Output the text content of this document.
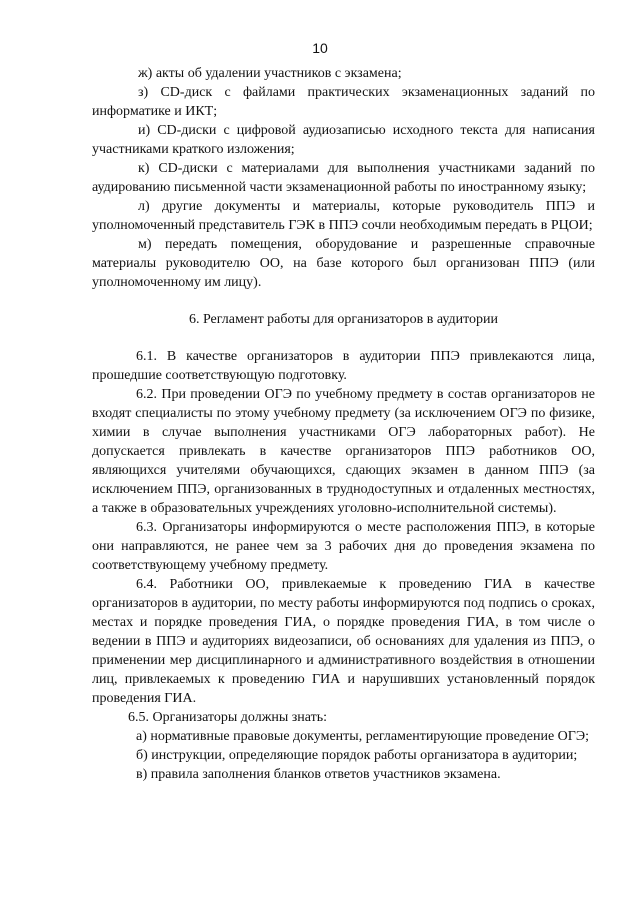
10

ж) акты об удалении участников с экзамена;

з) CD-диск с файлами практических экзаменационных заданий по информатике и ИКТ;

и) CD-диски с цифровой аудиозаписью исходного текста для написания участниками краткого изложения;

к) CD-диски с материалами для выполнения участниками заданий по аудированию письменной части экзаменационной работы по иностранному языку;

л) другие документы и материалы, которые руководитель ППЭ и уполномоченный представитель ГЭК в ППЭ сочли необходимым передать в РЦОИ;

м) передать помещения, оборудование и разрешенные справочные материалы руководителю ОО, на базе которого был организован ППЭ (или уполномоченному им лицу).

6. Регламент работы для организаторов в аудитории

6.1. В качестве организаторов в аудитории ППЭ привлекаются лица, прошедшие соответствующую подготовку.

6.2. При проведении ОГЭ по учебному предмету в состав организаторов не входят специалисты по этому учебному предмету (за исключением ОГЭ по физике, химии в случае выполнения участниками ОГЭ лабораторных работ). Не допускается привлекать в качестве организаторов ППЭ работников ОО, являющихся учителями обучающихся, сдающих экзамен в данном ППЭ (за исключением ППЭ, организованных в труднодоступных и отдаленных местностях, а также в образовательных учреждениях уголовно-исполнительной системы).

6.3. Организаторы информируются о месте расположения ППЭ, в которые они направляются, не ранее чем за 3 рабочих дня до проведения экзамена по соответствующему учебному предмету.

6.4. Работники ОО, привлекаемые к проведению ГИА в качестве организаторов в аудитории, по месту работы информируются под подпись о сроках, местах и порядке проведения ГИА, о порядке проведения ГИА, в том числе о ведении в ППЭ и аудиториях видеозаписи, об основаниях для удаления из ППЭ, о применении мер дисциплинарного и административного воздействия в отношении лиц, привлекаемых к проведению ГИА и нарушивших установленный порядок проведения ГИА.

6.5. Организаторы должны знать:

а) нормативные правовые документы, регламентирующие проведение ОГЭ;

б) инструкции, определяющие порядок работы организатора в аудитории;

в) правила заполнения бланков ответов участников экзамена.
